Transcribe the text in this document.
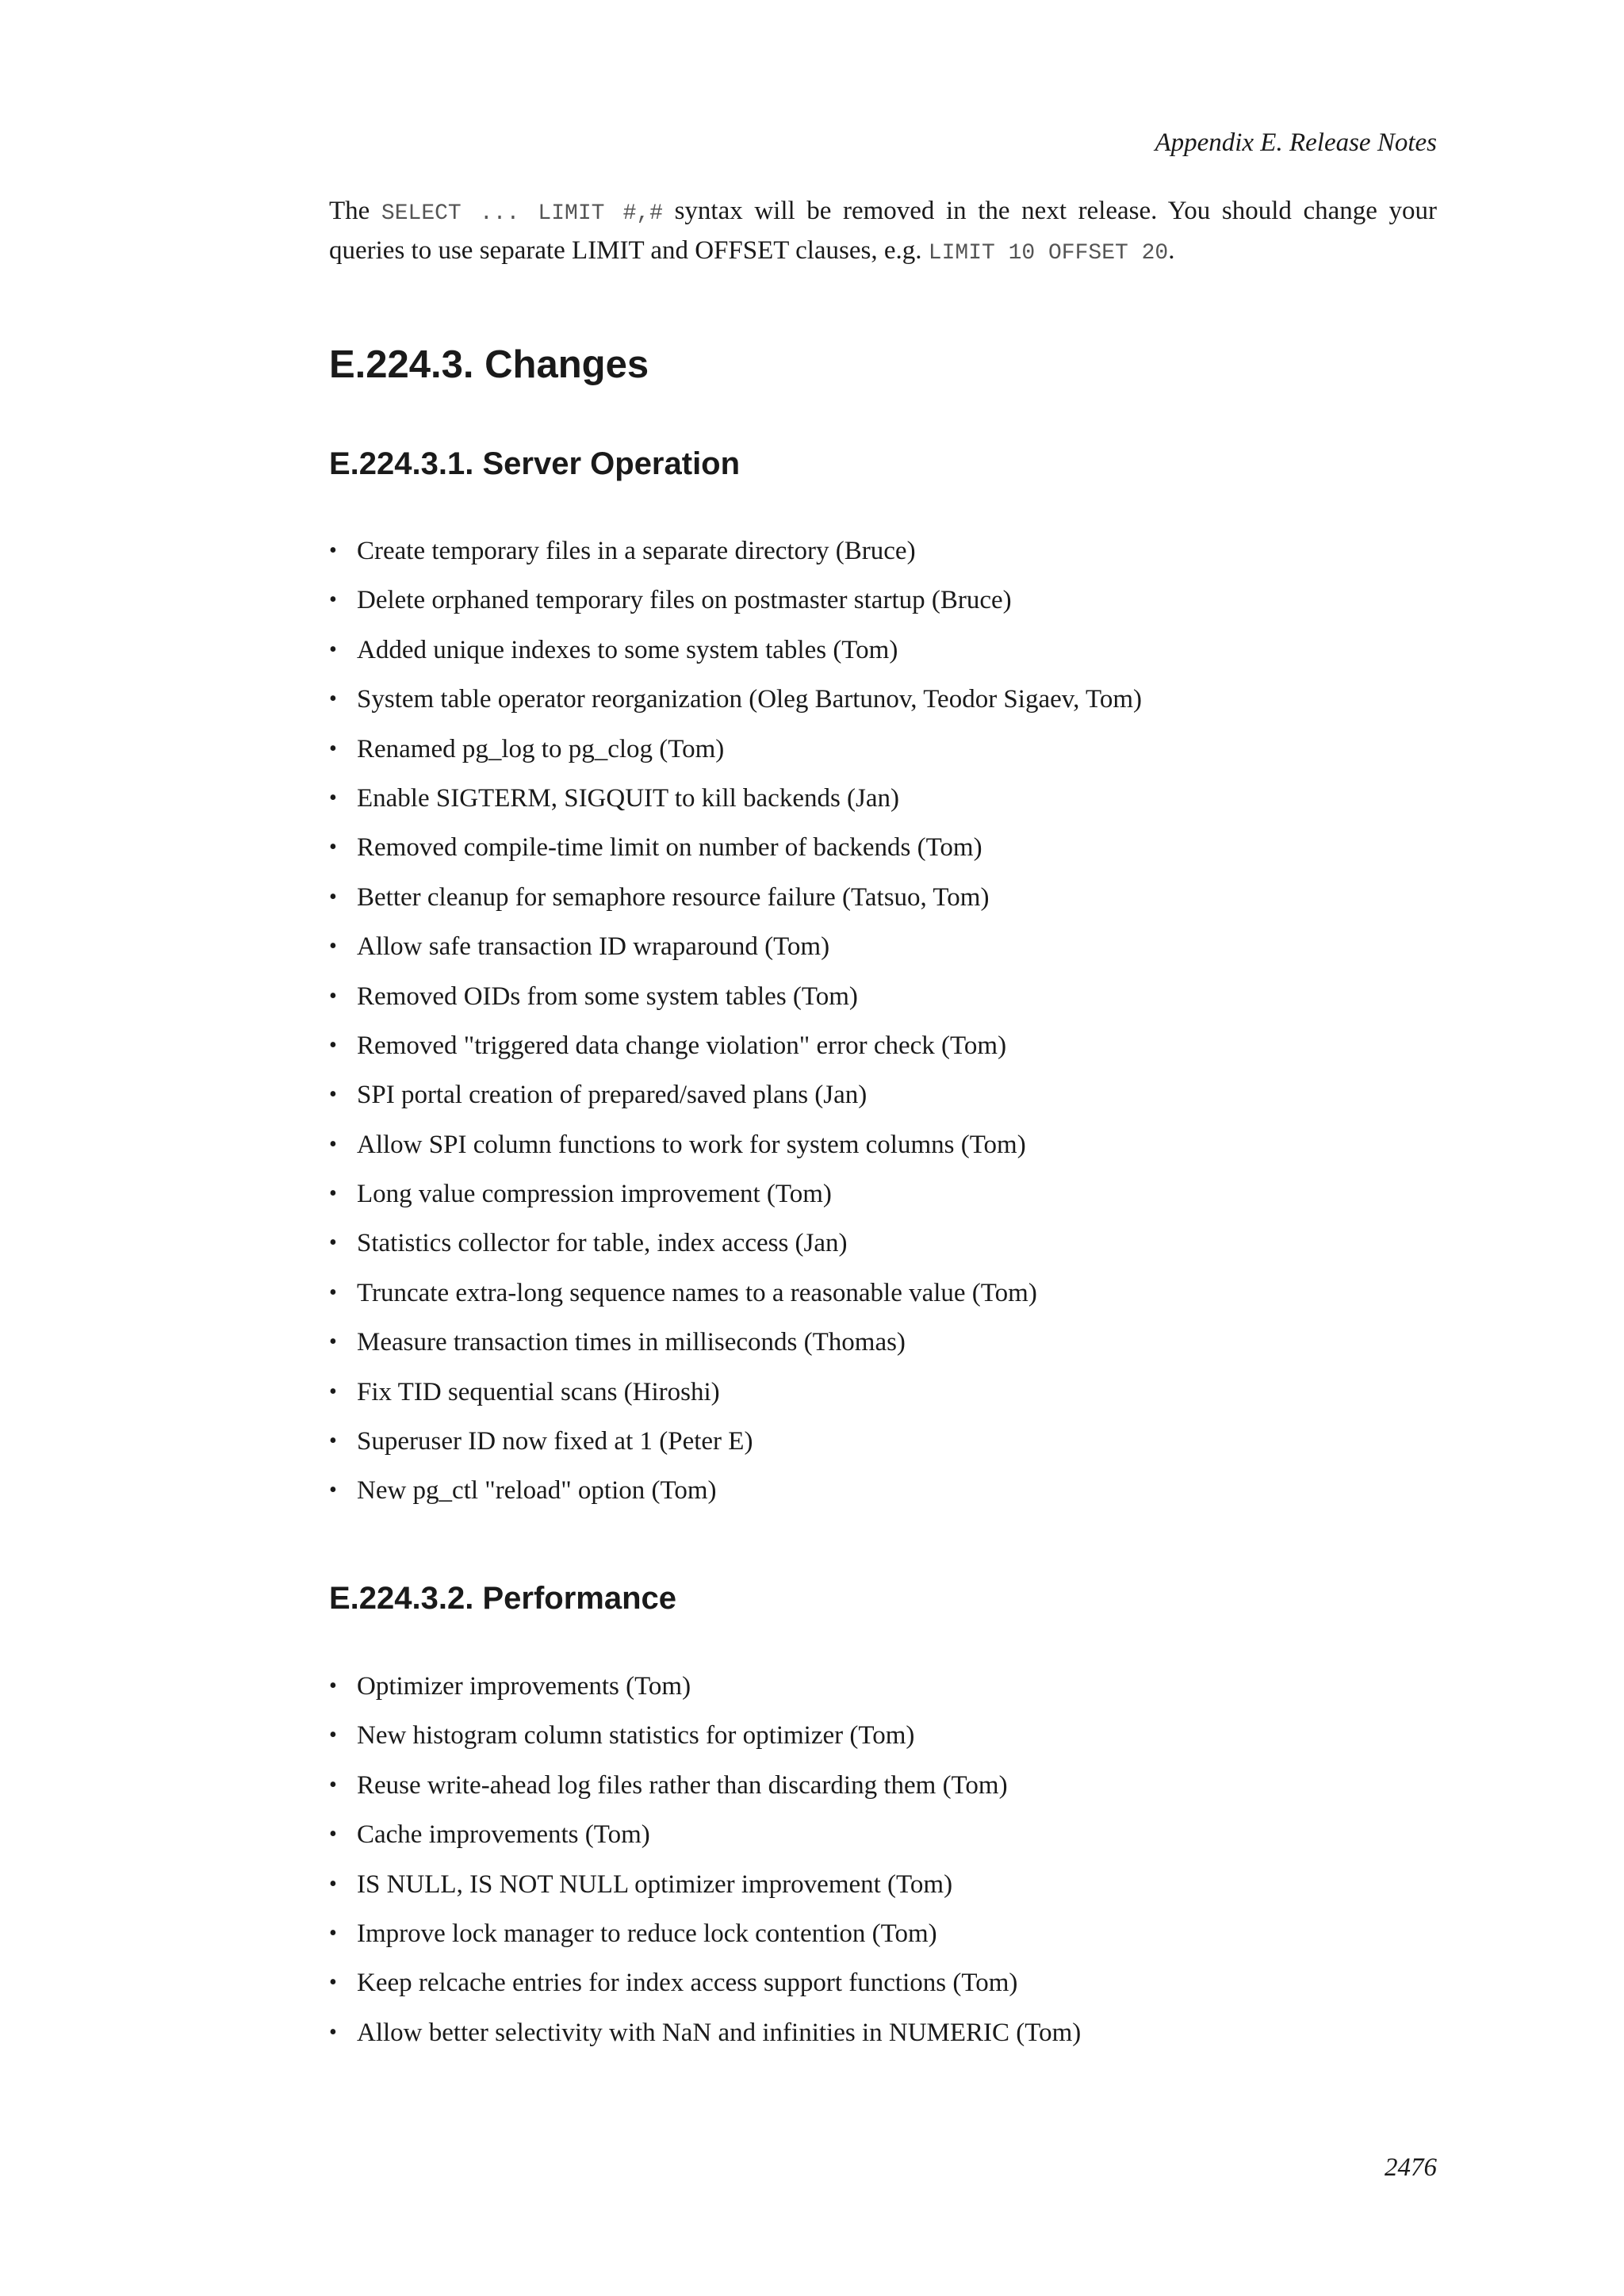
Appendix E. Release Notes

The SELECT ... LIMIT #,# syntax will be removed in the next release. You should change your queries to use separate LIMIT and OFFSET clauses, e.g. LIMIT 10 OFFSET 20.

E.224.3. Changes
E.224.3.1. Server Operation
• Create temporary files in a separate directory (Bruce)
• Delete orphaned temporary files on postmaster startup (Bruce)
• Added unique indexes to some system tables (Tom)
• System table operator reorganization (Oleg Bartunov, Teodor Sigaev, Tom)
• Renamed pg_log to pg_clog (Tom)
• Enable SIGTERM, SIGQUIT to kill backends (Jan)
• Removed compile-time limit on number of backends (Tom)
• Better cleanup for semaphore resource failure (Tatsuo, Tom)
• Allow safe transaction ID wraparound (Tom)
• Removed OIDs from some system tables (Tom)
• Removed "triggered data change violation" error check (Tom)
• SPI portal creation of prepared/saved plans (Jan)
• Allow SPI column functions to work for system columns (Tom)
• Long value compression improvement (Tom)
• Statistics collector for table, index access (Jan)
• Truncate extra-long sequence names to a reasonable value (Tom)
• Measure transaction times in milliseconds (Thomas)
• Fix TID sequential scans (Hiroshi)
• Superuser ID now fixed at 1 (Peter E)
• New pg_ctl "reload" option (Tom)
E.224.3.2. Performance
• Optimizer improvements (Tom)
• New histogram column statistics for optimizer (Tom)
• Reuse write-ahead log files rather than discarding them (Tom)
• Cache improvements (Tom)
• IS NULL, IS NOT NULL optimizer improvement (Tom)
• Improve lock manager to reduce lock contention (Tom)
• Keep relcache entries for index access support functions (Tom)
• Allow better selectivity with NaN and infinities in NUMERIC (Tom)
2476
